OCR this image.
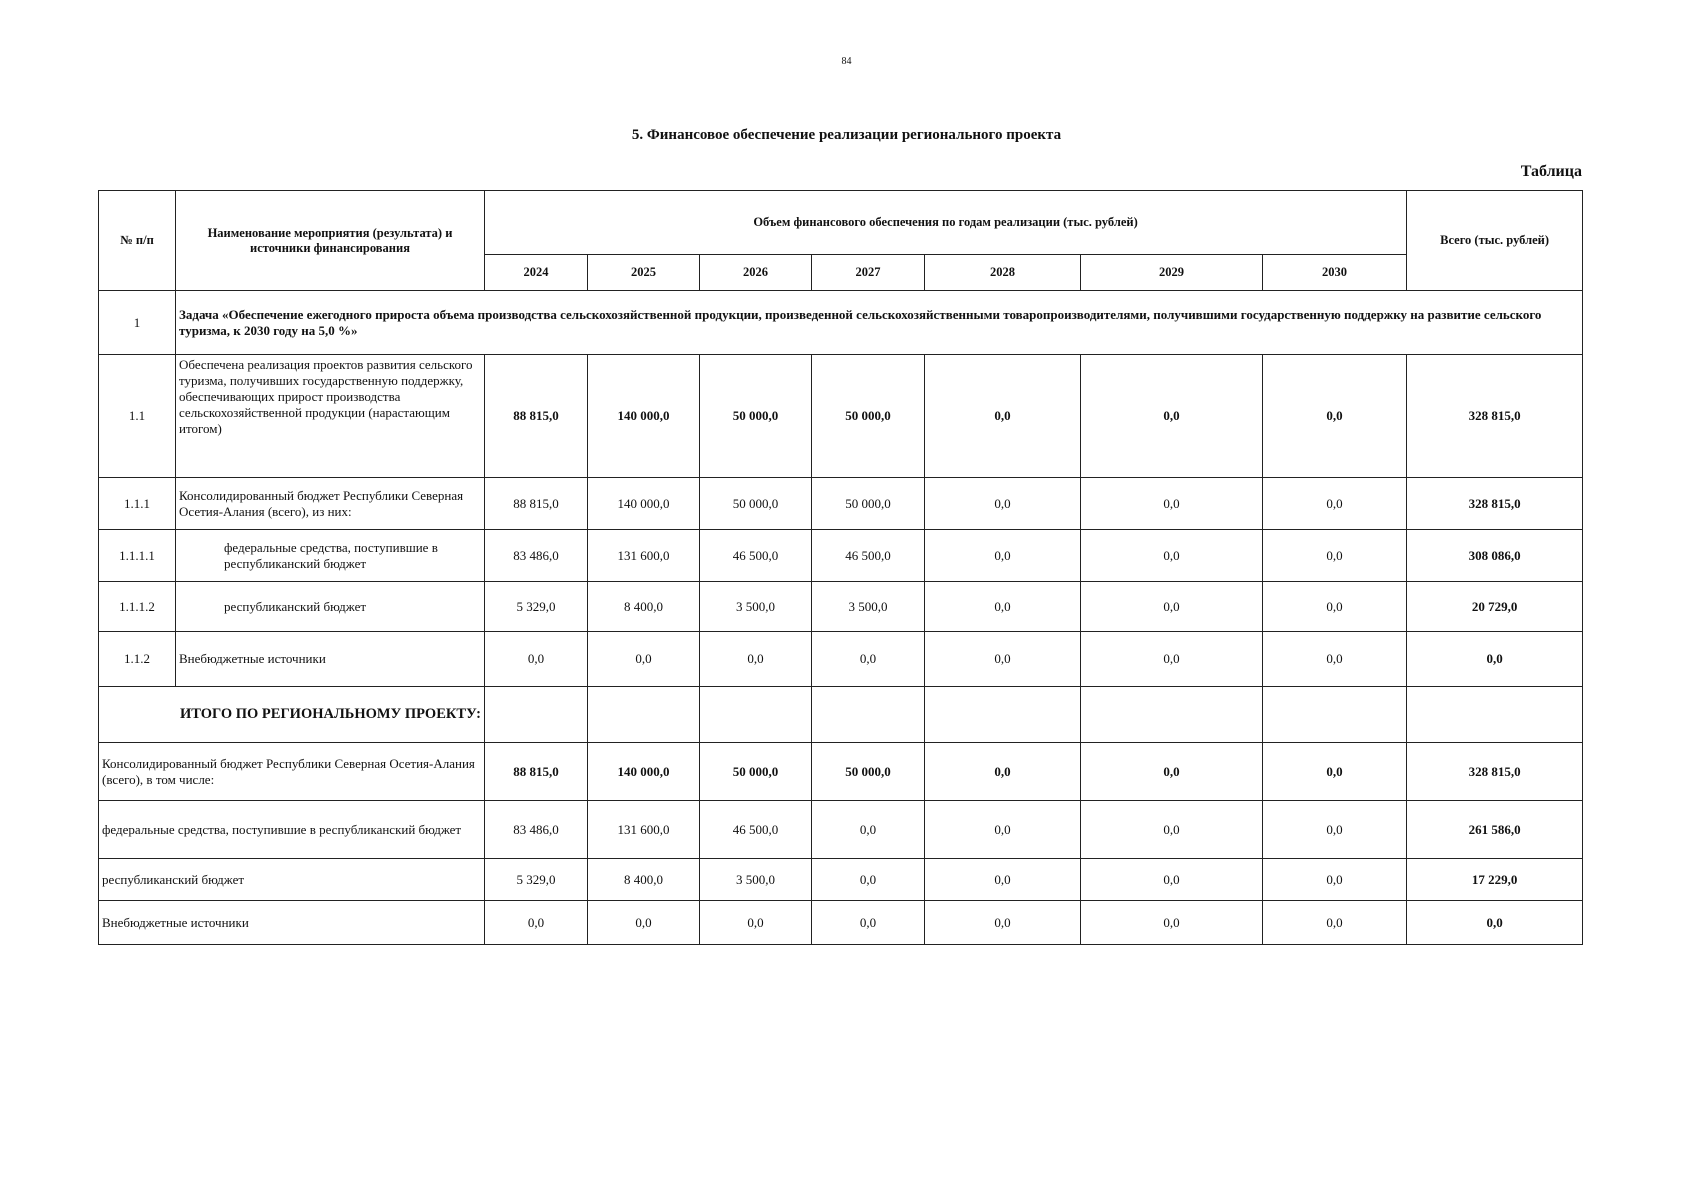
84
5. Финансовое обеспечение реализации регионального проекта
Таблица
№ п/п	Наименование мероприятия (результата) и источники финансирования	Объем финансового обеспечения по годам реализации (тыс. рублей)							Всего (тыс. рублей)
		2024	2025	2026	2027	2028	2029	2030	
1	Задача «Обеспечение ежегодного прироста объема производства сельскохозяйственной продукции, произведенной сельскохозяйственными товаропроизводителями, получившими государственную поддержку на развитие сельского туризма, к 2030 году на 5,0 %»								
1.1	Обеспечена реализация проектов развития сельского туризма, получивших государственную поддержку, обеспечивающих прирост производства сельскохозяйственной продукции (нарастающим итогом)	88 815,0	140 000,0	50 000,0	50 000,0	0,0	0,0	0,0	328 815,0
1.1.1	Консолидированный бюджет Республики Северная Осетия-Алания (всего), из них:	88 815,0	140 000,0	50 000,0	50 000,0	0,0	0,0	0,0	328 815,0
1.1.1.1	федеральные средства, поступившие в республиканский бюджет	83 486,0	131 600,0	46 500,0	46 500,0	0,0	0,0	0,0	308 086,0
1.1.1.2	республиканский бюджет	5 329,0	8 400,0	3 500,0	3 500,0	0,0	0,0	0,0	20 729,0
1.1.2	Внебюджетные источники	0,0	0,0	0,0	0,0	0,0	0,0	0,0	0,0
ИТОГО ПО РЕГИОНАЛЬНОМУ ПРОЕКТУ:									
Консолидированный бюджет Республики Северная Осетия-Алания (всего), в том числе:		88 815,0	140 000,0	50 000,0	50 000,0	0,0	0,0	0,0	328 815,0
федеральные средства, поступившие в республиканский бюджет		83 486,0	131 600,0	46 500,0	0,0	0,0	0,0	0,0	261 586,0
республиканский бюджет		5 329,0	8 400,0	3 500,0	0,0	0,0	0,0	0,0	17 229,0
Внебюджетные источники		0,0	0,0	0,0	0,0	0,0	0,0	0,0	0,0
